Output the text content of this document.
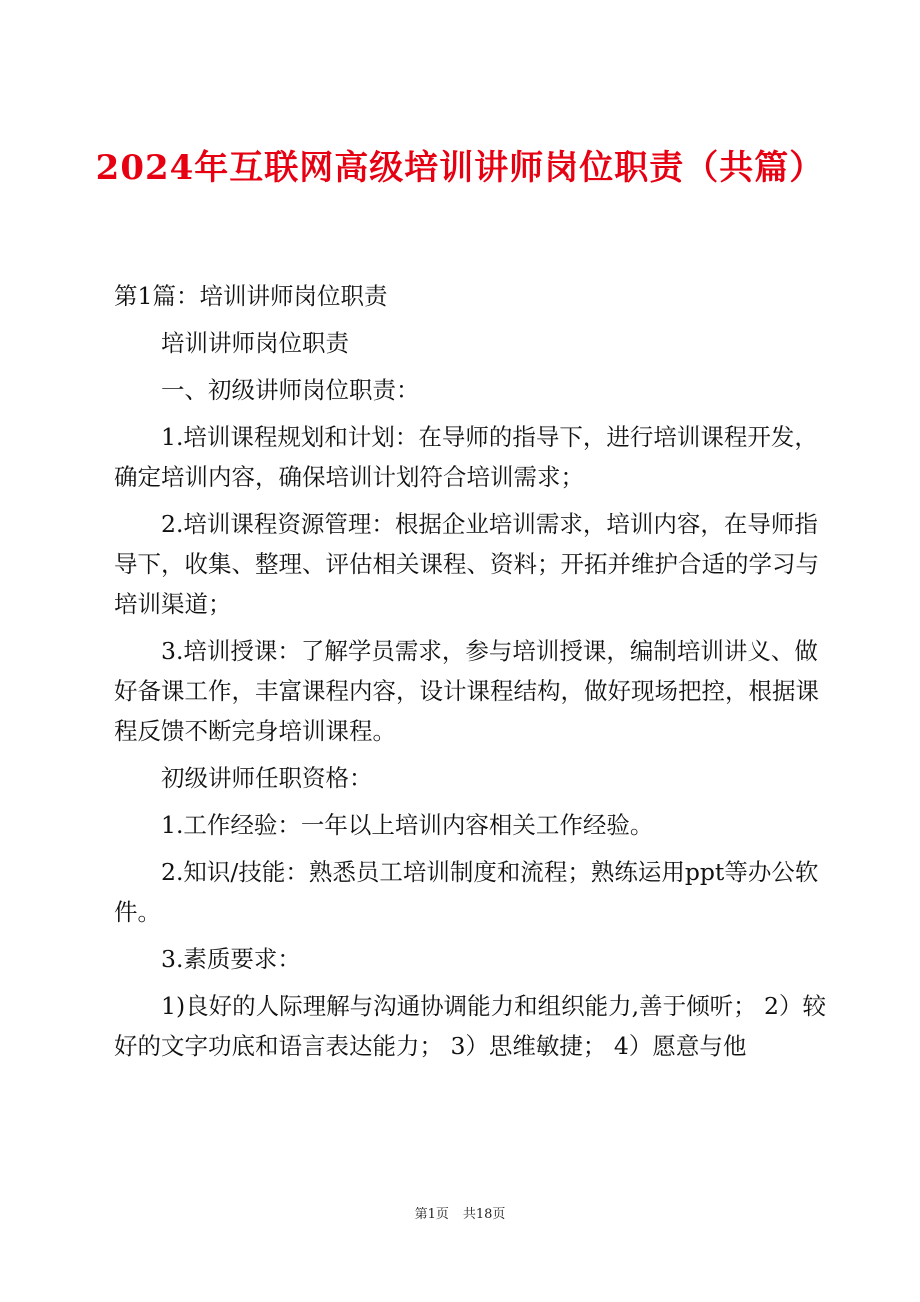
2024年互联网高级培训讲师岗位职责（共篇）

第1篇：培训讲师岗位职责

培训讲师岗位职责

一、初级讲师岗位职责：

1.培训课程规划和计划：在导师的指导下，进行培训课程开发，确定培训内容，确保培训计划符合培训需求；

2.培训课程资源管理：根据企业培训需求，培训内容，在导师指导下，收集、整理、评估相关课程、资料；开拓并维护合适的学习与培训渠道；

3.培训授课：了解学员需求，参与培训授课，编制培训讲义、做好备课工作，丰富课程内容，设计课程结构，做好现场把控，根据课程反馈不断完身培训课程。

初级讲师任职资格：

1.工作经验：一年以上培训内容相关工作经验。

2.知识/技能：熟悉员工培训制度和流程；熟练运用ppt等办公软件。

3.素质要求：

1)良好的人际理解与沟通协调能力和组织能力,善于倾听； 2）较好的文字功底和语言表达能力； 3）思维敏捷； 4）愿意与他

第1页 共18页
